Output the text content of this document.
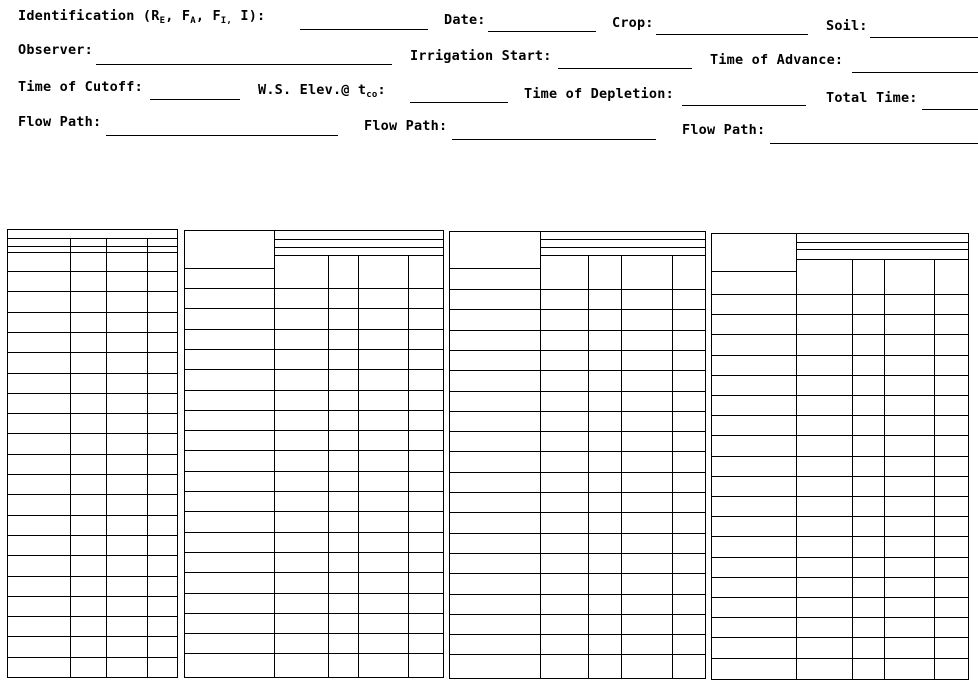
Identification ($R_E$, $F_A$, $F_{I,}$ I):	Date:	Crop:	Soil:
Observer:	Irrigation Start:	Time of Advance:
Time of Cutoff:	W.S. Elev.@ $t_{co}$:	Time of Depletion:	Total Time:
Flow Path:	Flow Path:	Flow Path:
